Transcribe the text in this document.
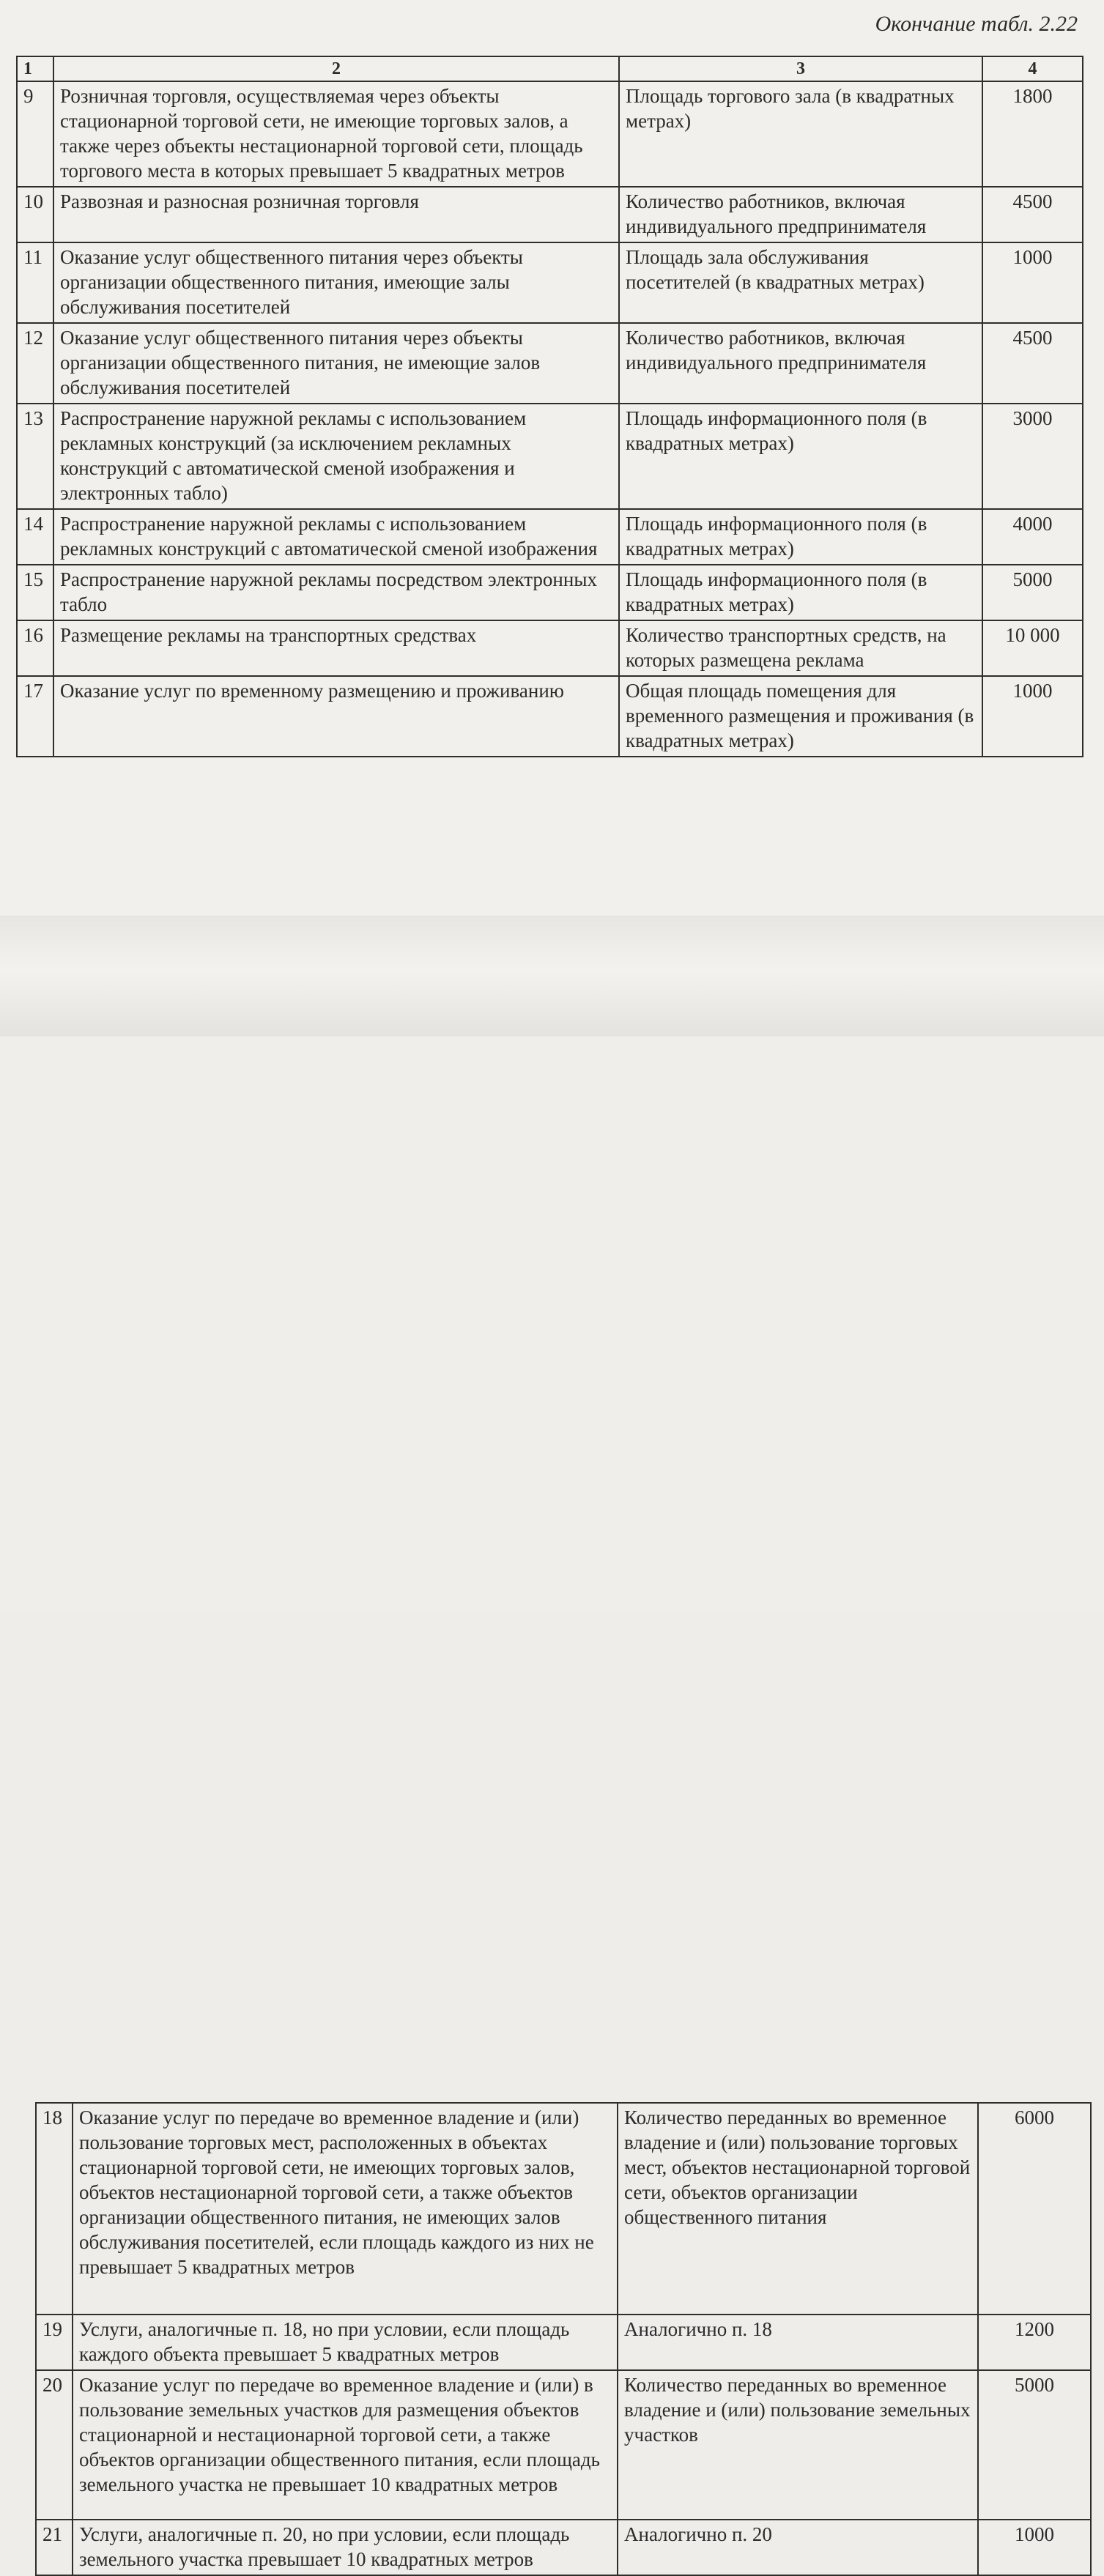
Окончание табл. 2.22
1	2	3	4
9	Розничная торговля, осуществляемая через объекты стационарной торговой сети, не имеющие торговых залов, а также через объекты нестационарной торговой сети, площадь торгового места в которых превышает 5 квадратных метров	Площадь торгового зала (в квадратных метрах)	1800
10	Развозная и разносная розничная торговля	Количество работников, включая индивидуального предпринимателя	4500
11	Оказание услуг общественного питания через объекты организации общественного питания, имеющие залы обслуживания посетителей	Площадь зала обслуживания посетителей (в квадратных метрах)	1000
12	Оказание услуг общественного питания через объекты организации общественного питания, не имеющие залов обслуживания посетителей	Количество работников, включая индивидуального предпринимателя	4500
13	Распространение наружной рекламы с использованием рекламных конструкций (за исключением рекламных конструкций с автоматической сменой изображения и электронных табло)	Площадь информационного поля (в квадратных метрах)	3000
14	Распространение наружной рекламы с использованием рекламных конструкций с автоматической сменой изображения	Площадь информационного поля (в квадратных метрах)	4000
15	Распространение наружной рекламы посредством электронных табло	Площадь информационного поля (в квадратных метрах)	5000
16	Размещение рекламы на транспортных средствах	Количество транспортных средств, на которых размещена реклама	10 000
17	Оказание услуг по временному размещению и проживанию	Общая площадь помещения для временного размещения и проживания (в квадратных метрах)	1000
18	Оказание услуг по передаче во временное владение и (или) пользование торговых мест, расположенных в объектах стационарной торговой сети, не имеющих торговых залов, объектов нестационарной торговой сети, а также объектов организации общественного питания, не имеющих залов обслуживания посетителей, если площадь каждого из них не превышает 5 квадратных метров	Количество переданных во временное владение и (или) пользование торговых мест, объектов нестационарной торговой сети, объектов организации общественного питания	6000
19	Услуги, аналогичные п. 18, но при условии, если площадь каждого объекта превышает 5 квадратных метров	Аналогично п. 18	1200
20	Оказание услуг по передаче во временное владение и (или) в пользование земельных участков для размещения объектов стационарной и нестационарной торговой сети, а также объектов организации общественного питания, если площадь земельного участка не превышает 10 квадратных метров	Количество переданных во временное владение и (или) пользование земельных участков	5000
21	Услуги, аналогичные п. 20, но при условии, если площадь земельного участка превышает 10 квадратных метров	Аналогично п. 20	1000
